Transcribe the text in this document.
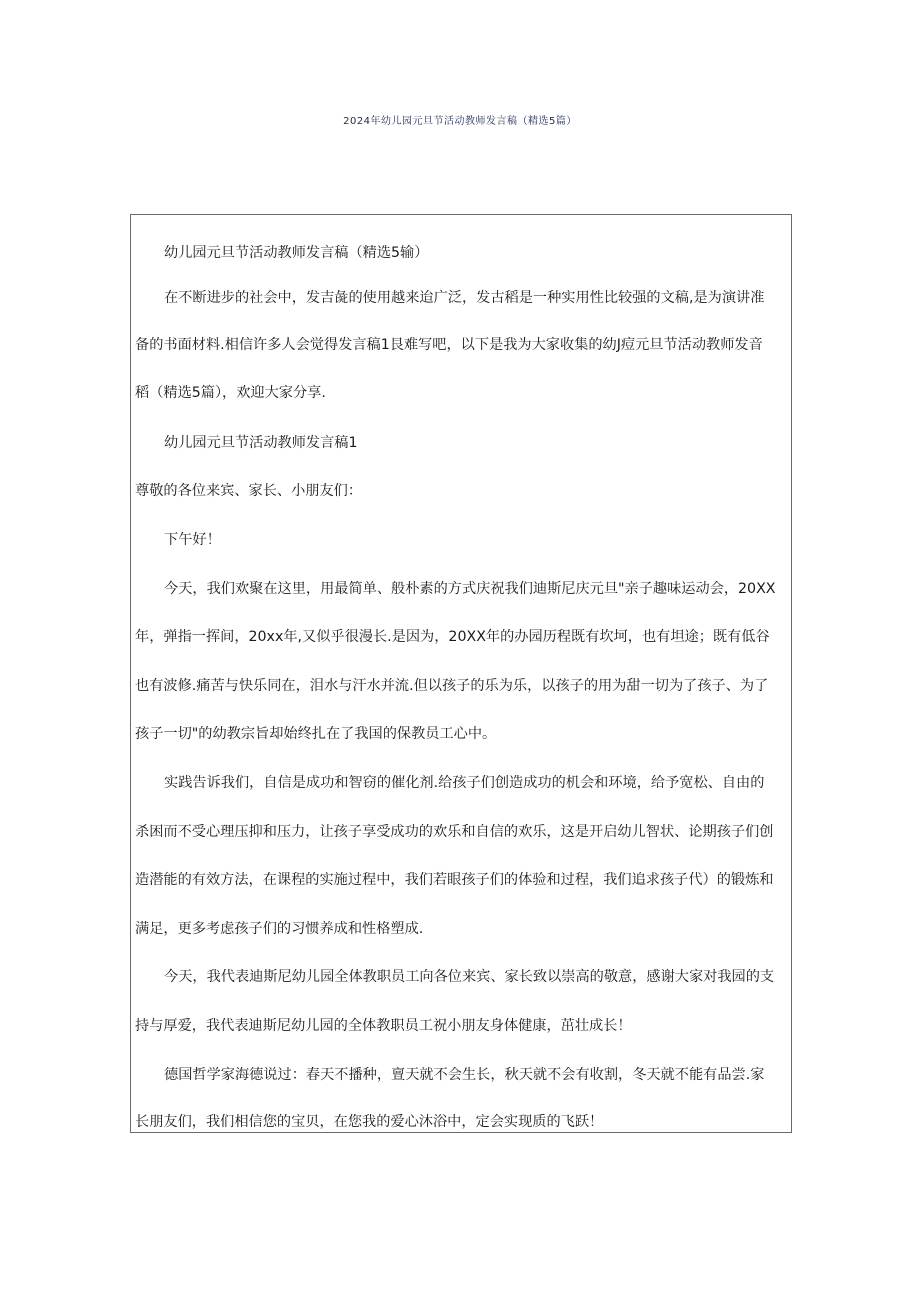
2024年幼儿园元旦节活动教师发言稿（精选5篇）
幼儿园元旦节活动教师发言稿（精选5输）
在不断进步的社会中，发吉彘的使用越来迨广泛，发古稻是一种实用性比较强的文稿,是为演讲准
备的书面材料.相信许多人会觉得发言稿1艮难写吧，以下是我为大家收集的幼J痘元旦节活动教师发音
稻（精选5篇），欢迎大家分享.
幼儿园元旦节活动教师发言稿1
尊敬的各位来宾、家长、小朋友们：
下午好！
今天，我们欢聚在这里，用最简单、般朴素的方式庆祝我们迪斯尼庆元旦"亲子趣味运动会，20XX
年，弹指一挥间，20xx年,又似乎很漫长.是因为，20XX年的办园历程既有坎坷，也有坦途；既有低谷
也有波修.痛苦与快乐同在，泪水与汗水并流.但以孩子的乐为乐，以孩子的用为甜一切为了孩子、为了
孩子一切"的幼教宗旨却始终扎在了我国的保教员工心中。
实践告诉我们，自信是成功和智窃的催化剂.给孩子们创造成功的机会和环境，给予宽松、自由的
杀困而不受心理压抑和压力，让孩子享受成功的欢乐和自信的欢乐，这是开启幼儿智状、论期孩子们创
造潜能的有效方法，在课程的实施过程中，我们若眼孩子们的体验和过程，我们追求孩子代）的锻炼和
满足，更多考虑孩子们的习惯养成和性格塑成.
今天，我代表迪斯尼幼儿园全体教职员工向各位来宾、家长致以崇高的敬意，感谢大家对我园的支
持与厚爱，我代表迪斯尼幼儿园的全体教职员工祝小朋友身体健康，茁壮成长！
德国哲学家海德说过：春天不播种，亶天就不会生长，秋天就不会有收割，冬天就不能有品尝.家
长朋友们，我们相信您的宝贝，在您我的爱心沐浴中，定会实现质的飞跃！
